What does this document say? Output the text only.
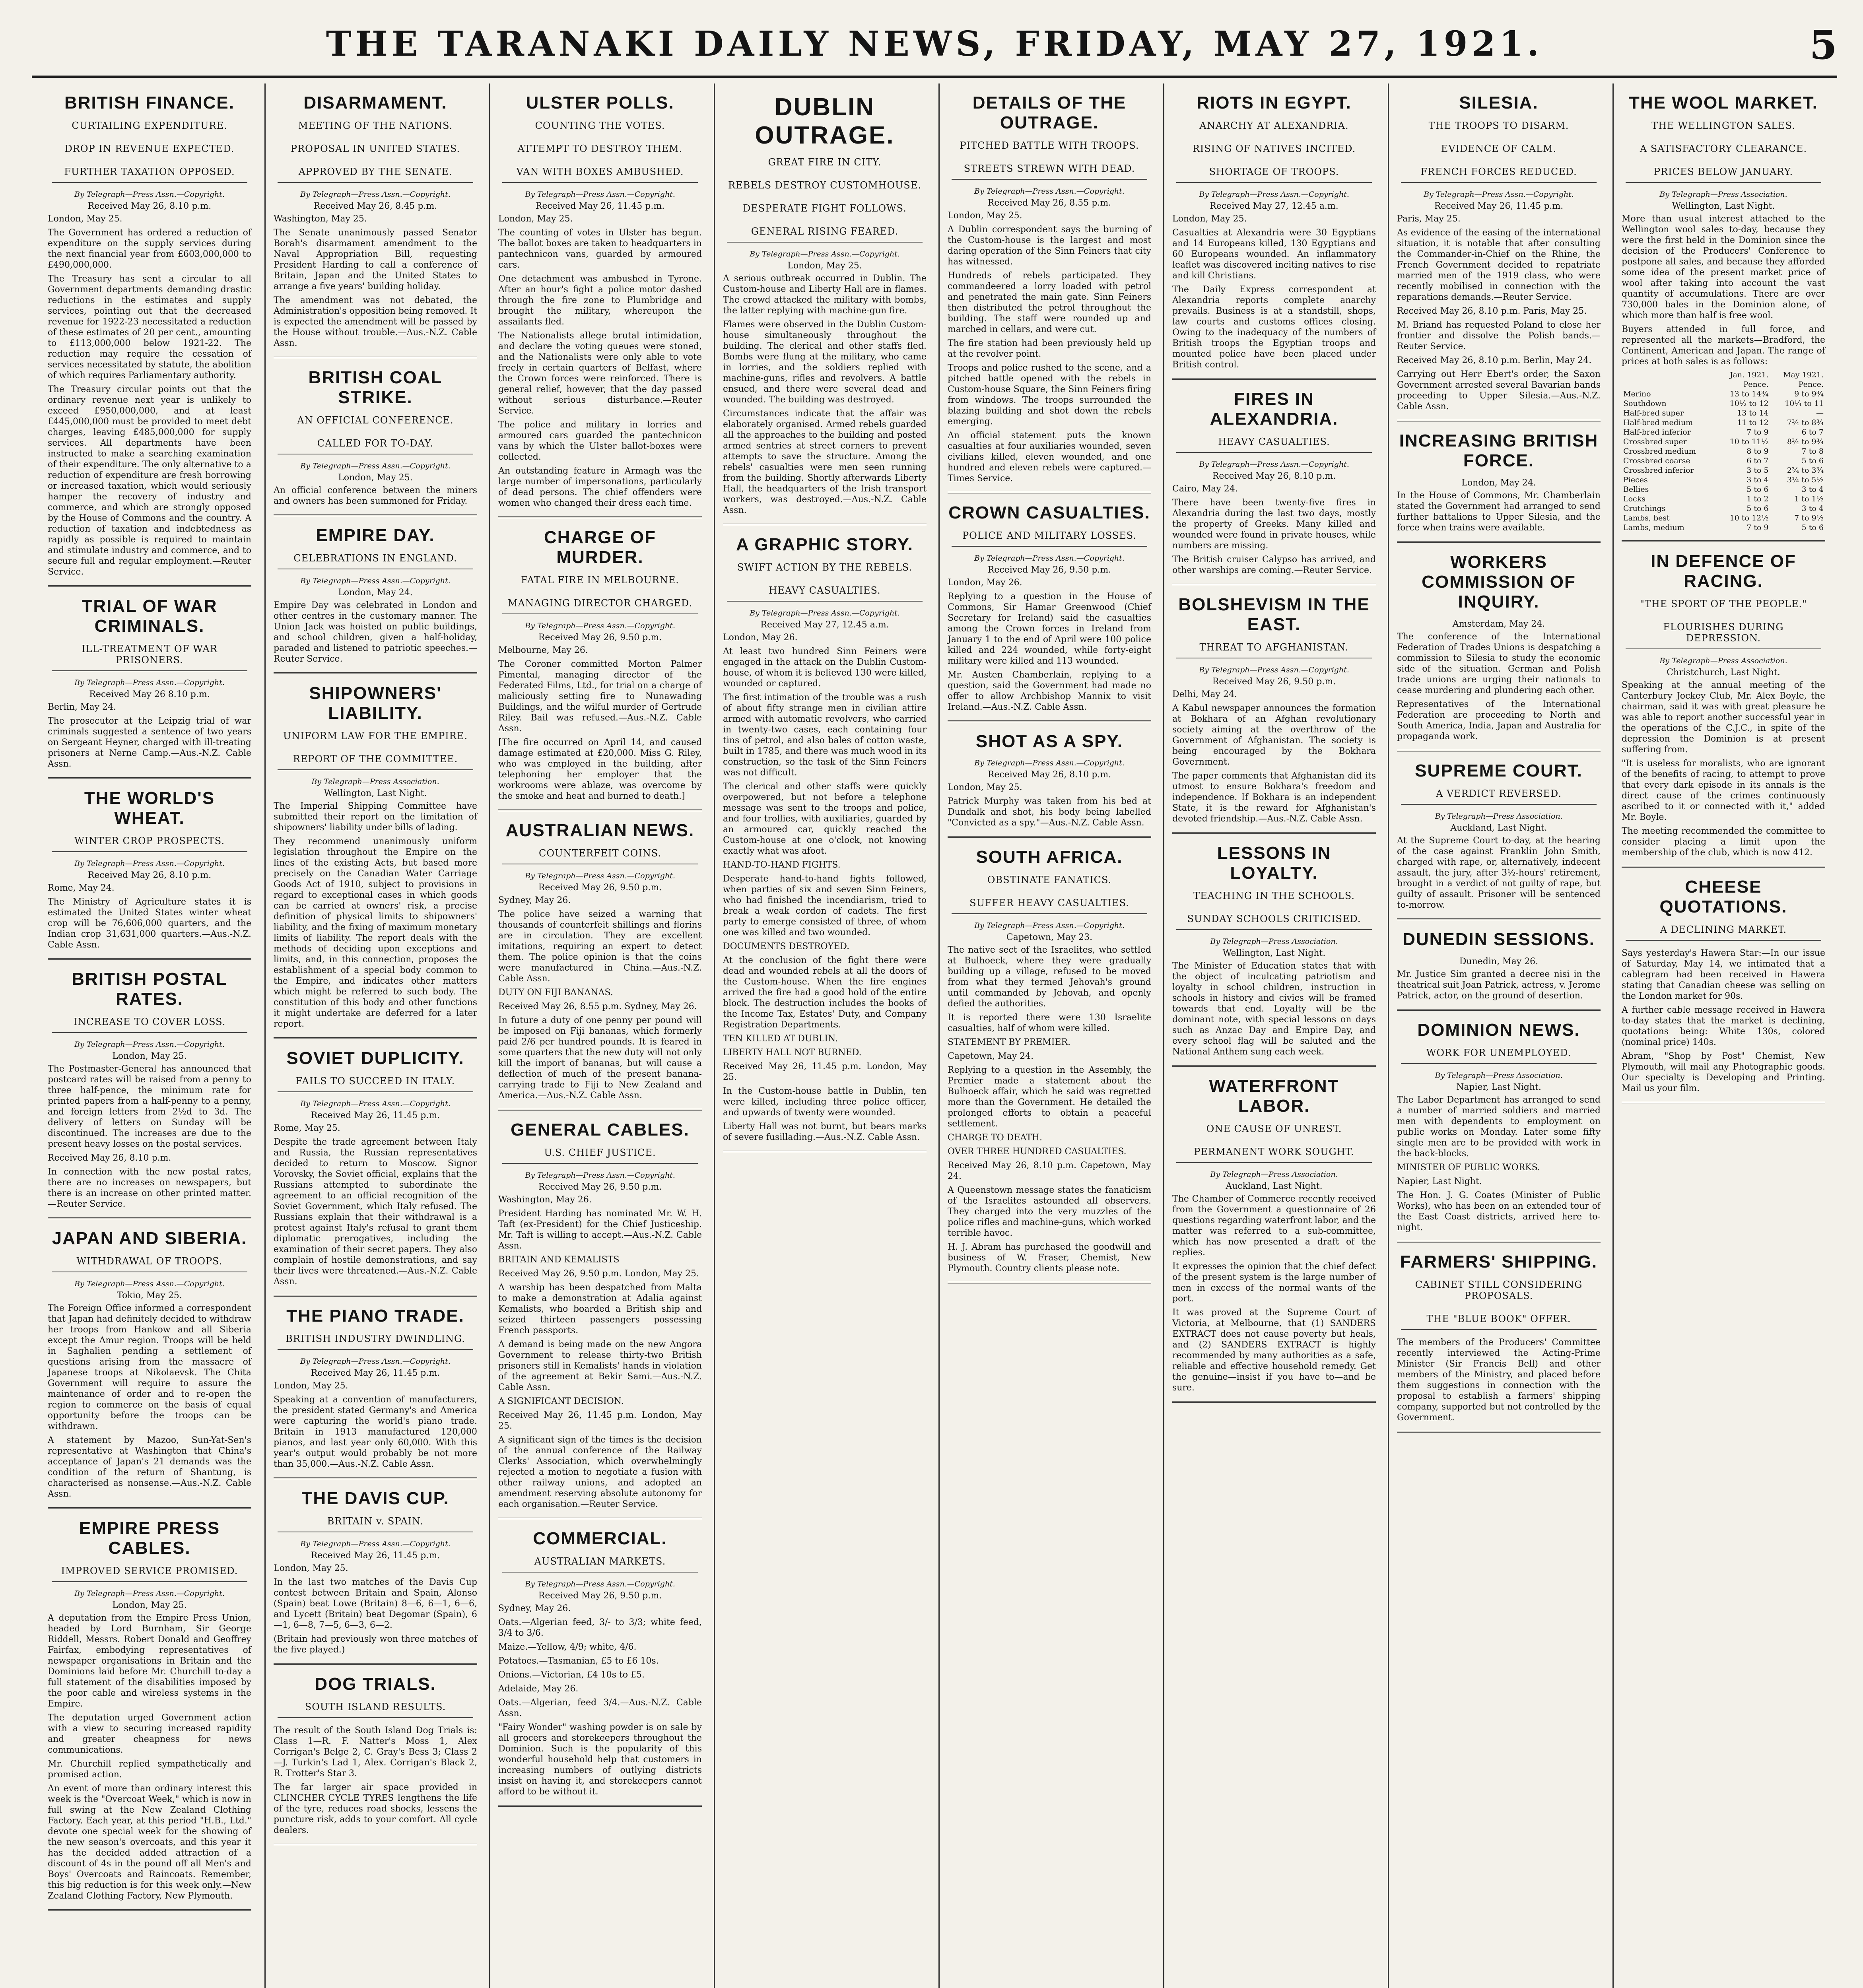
THE TARANAKI DAILY NEWS, FRIDAY, MAY 27, 1921.	5
BRITISH FINANCE.
CURTAILING EXPENDITURE.
DROP IN REVENUE EXPECTED.
FURTHER TAXATION OPPOSED.
By Telegraph—Press Assn.—Copyright.
Received May 26, 8.10 p.m.

London, May 25.

The Government has ordered a reduction of expenditure on the supply services during the next financial year from £603,000,000 to £490,000,000.

The Treasury has sent a circular to all Government departments demanding drastic reductions in the estimates and supply services, pointing out that the decreased revenue for 1922-23 necessitated a reduction of these estimates of 20 per cent., amounting to £113,000,000 below 1921-22. The reduction may require the cessation of services necessitated by statute, the abolition of which requires Parliamentary authority.

The Treasury circular points out that the ordinary revenue next year is unlikely to exceed £950,000,000, and at least £445,000,000 must be provided to meet debt charges, leaving £485,000,000 for supply services. All departments have been instructed to make a searching examination of their expenditure. The only alternative to a reduction of expenditure are fresh borrowing or increased taxation, which would seriously hamper the recovery of industry and commerce, and which are strongly opposed by the House of Commons and the country. A reduction of taxation and indebtedness as rapidly as possible is required to maintain and stimulate industry and commerce, and to secure full and regular employment.—Reuter Service.

TRIAL OF WAR CRIMINALS.
ILL-TREATMENT OF WAR PRISONERS.
By Telegraph—Press Assn.—Copyright.
Received May 26 8.10 p.m.

Berlin, May 24.

The prosecutor at the Leipzig trial of war criminals suggested a sentence of two years on Sergeant Heyner, charged with ill-treating prisoners at Nerne Camp.—Aus.-N.Z. Cable Assn.

THE WORLD'S WHEAT.
WINTER CROP PROSPECTS.
By Telegraph—Press Assn.—Copyright.
Received May 26, 8.10 p.m.

Rome, May 24.

The Ministry of Agriculture states it is estimated the United States winter wheat crop will be 76,606,000 quarters, and the Indian crop 31,631,000 quarters.—Aus.-N.Z. Cable Assn.

BRITISH POSTAL RATES.
INCREASE TO COVER LOSS.
By Telegraph—Press Assn.—Copyright.
London, May 25.

The Postmaster-General has announced that postcard rates will be raised from a penny to three half-pence, the minimum rate for printed papers from a half-penny to a penny, and foreign letters from 2½d to 3d. The delivery of letters on Sunday will be discontinued. The increases are due to the present heavy losses on the postal services.

Received May 26, 8.10 p.m.

In connection with the new postal rates, there are no increases on newspapers, but there is an increase on other printed matter.—Reuter Service.

JAPAN AND SIBERIA.
WITHDRAWAL OF TROOPS.
By Telegraph—Press Assn.—Copyright.
Tokio, May 25.

The Foreign Office informed a correspondent that Japan had definitely decided to withdraw her troops from Hankow and all Siberia except the Amur region. Troops will be held in Saghalien pending a settlement of questions arising from the massacre of Japanese troops at Nikolaevsk. The Chita Government will require to assure the maintenance of order and to re-open the region to commerce on the basis of equal opportunity before the troops can be withdrawn.

A statement by Mazoo, Sun-Yat-Sen's representative at Washington that China's acceptance of Japan's 21 demands was the condition of the return of Shantung, is characterised as nonsense.—Aus.-N.Z. Cable Assn.

EMPIRE PRESS CABLES.
IMPROVED SERVICE PROMISED.
By Telegraph—Press Assn.—Copyright.
London, May 25.

A deputation from the Empire Press Union, headed by Lord Burnham, Sir George Riddell, Messrs. Robert Donald and Geoffrey Fairfax, embodying representatives of newspaper organisations in Britain and the Dominions laid before Mr. Churchill to-day a full statement of the disabilities imposed by the poor cable and wireless systems in the Empire.

The deputation urged Government action with a view to securing increased rapidity and greater cheapness for news communications.

Mr. Churchill replied sympathetically and promised action.

An event of more than ordinary interest this week is the "Overcoat Week," which is now in full swing at the New Zealand Clothing Factory. Each year, at this period "H.B., Ltd." devote one special week for the showing of the new season's overcoats, and this year it has the decided added attraction of a discount of 4s in the pound off all Men's and Boys' Overcoats and Raincoats. Remember, this big reduction is for this week only.—New Zealand Clothing Factory, New Plymouth.

DISARMAMENT.
MEETING OF THE NATIONS.
PROPOSAL IN UNITED STATES.
APPROVED BY THE SENATE.
By Telegraph—Press Assn.—Copyright.
Received May 26, 8.45 p.m.

Washington, May 25.

The Senate unanimously passed Senator Borah's disarmament amendment to the Naval Appropriation Bill, requesting President Harding to call a conference of Britain, Japan and the United States to arrange a five years' building holiday.

The amendment was not debated, the Administration's opposition being removed. It is expected the amendment will be passed by the House without trouble.—Aus.-N.Z. Cable Assn.

BRITISH COAL STRIKE.
AN OFFICIAL CONFERENCE.
CALLED FOR TO-DAY.
By Telegraph—Press Assn.—Copyright.
London, May 25.

An official conference between the miners and owners has been summoned for Friday.

EMPIRE DAY.
CELEBRATIONS IN ENGLAND.
By Telegraph—Press Assn.—Copyright.
London, May 24.

Empire Day was celebrated in London and other centres in the customary manner. The Union Jack was hoisted on public buildings, and school children, given a half-holiday, paraded and listened to patriotic speeches.—Reuter Service.

SHIPOWNERS' LIABILITY.
UNIFORM LAW FOR THE EMPIRE.
REPORT OF THE COMMITTEE.
By Telegraph—Press Association.
Wellington, Last Night.

The Imperial Shipping Committee have submitted their report on the limitation of shipowners' liability under bills of lading.

They recommend unanimously uniform legislation throughout the Empire on the lines of the existing Acts, but based more precisely on the Canadian Water Carriage Goods Act of 1910, subject to provisions in regard to exceptional cases in which goods can be carried at owners' risk, a precise definition of physical limits to shipowners' liability, and the fixing of maximum monetary limits of liability. The report deals with the methods of deciding upon exceptions and limits, and, in this connection, proposes the establishment of a special body common to the Empire, and indicates other matters which might be referred to such body. The constitution of this body and other functions it might undertake are deferred for a later report.

SOVIET DUPLICITY.
FAILS TO SUCCEED IN ITALY.
By Telegraph—Press Assn.—Copyright.
Received May 26, 11.45 p.m.

Rome, May 25.

Despite the trade agreement between Italy and Russia, the Russian representatives decided to return to Moscow. Signor Vorovsky, the Soviet official, explains that the Russians attempted to subordinate the agreement to an official recognition of the Soviet Government, which Italy refused. The Russians explain that their withdrawal is a protest against Italy's refusal to grant them diplomatic prerogatives, including the examination of their secret papers. They also complain of hostile demonstrations, and say their lives were threatened.—Aus.-N.Z. Cable Assn.

THE PIANO TRADE.
BRITISH INDUSTRY DWINDLING.
By Telegraph—Press Assn.—Copyright.
Received May 26, 11.45 p.m.

London, May 25.

Speaking at a convention of manufacturers, the president stated Germany's and America were capturing the world's piano trade. Britain in 1913 manufactured 120,000 pianos, and last year only 60,000. With this year's output would probably be not more than 35,000.—Aus.-N.Z. Cable Assn.

THE DAVIS CUP.
BRITAIN v. SPAIN.
By Telegraph—Press Assn.—Copyright.
Received May 26, 11.45 p.m.

London, May 25.

In the last two matches of the Davis Cup contest between Britain and Spain, Alonso (Spain) beat Lowe (Britain) 8—6, 6—1, 6—6, and Lycett (Britain) beat Degomar (Spain), 6—1, 6—8, 7—5, 6—3, 6—2.

(Britain had previously won three matches of the five played.)

DOG TRIALS.
SOUTH ISLAND RESULTS.

The result of the South Island Dog Trials is: Class 1—R. F. Natter's Moss 1, Alex Corrigan's Belge 2, C. Gray's Bess 3; Class 2—J. Turkin's Lad 1, Alex. Corrigan's Black 2, R. Trotter's Star 3.

The far larger air space provided in CLINCHER CYCLE TYRES lengthens the life of the tyre, reduces road shocks, lessens the puncture risk, adds to your comfort. All cycle dealers.

ULSTER POLLS.
COUNTING THE VOTES.
ATTEMPT TO DESTROY THEM.
VAN WITH BOXES AMBUSHED.
By Telegraph—Press Assn.—Copyright.
Received May 26, 11.45 p.m.

London, May 25.

The counting of votes in Ulster has begun. The ballot boxes are taken to headquarters in pantechnicon vans, guarded by armoured cars.

One detachment was ambushed in Tyrone. After an hour's fight a police motor dashed through the fire zone to Plumbridge and brought the military, whereupon the assailants fled.

The Nationalists allege brutal intimidation, and declare the voting queues were stoned, and the Nationalists were only able to vote freely in certain quarters of Belfast, where the Crown forces were reinforced. There is general relief, however, that the day passed without serious disturbance.—Reuter Service.

The police and military in lorries and armoured cars guarded the pantechnicon vans by which the Ulster ballot-boxes were collected.

An outstanding feature in Armagh was the large number of impersonations, particularly of dead persons. The chief offenders were women who changed their dress each time.

CHARGE OF MURDER.
FATAL FIRE IN MELBOURNE.
MANAGING DIRECTOR CHARGED.
By Telegraph—Press Assn.—Copyright.
Received May 26, 9.50 p.m.

Melbourne, May 26.

The Coroner committed Morton Palmer Pimental, managing director of the Federated Films, Ltd., for trial on a charge of maliciously setting fire to Nunawading Buildings, and the wilful murder of Gertrude Riley. Bail was refused.—Aus.-N.Z. Cable Assn.

[The fire occurred on April 14, and caused damage estimated at £20,000. Miss G. Riley, who was employed in the building, after telephoning her employer that the workrooms were ablaze, was overcome by the smoke and heat and burned to death.]

AUSTRALIAN NEWS.
COUNTERFEIT COINS.
By Telegraph—Press Assn.—Copyright.
Received May 26, 9.50 p.m.

Sydney, May 26.

The police have seized a warning that thousands of counterfeit shillings and florins are in circulation. They are excellent imitations, requiring an expert to detect them. The police opinion is that the coins were manufactured in China.—Aus.-N.Z. Cable Assn.

DUTY ON FIJI BANANAS.

Received May 26, 8.55 p.m. Sydney, May 26.

In future a duty of one penny per pound will be imposed on Fiji bananas, which formerly paid 2/6 per hundred pounds. It is feared in some quarters that the new duty will not only kill the import of bananas, but will cause a deflection of much of the present banana-carrying trade to Fiji to New Zealand and America.—Aus.-N.Z. Cable Assn.

GENERAL CABLES.
U.S. CHIEF JUSTICE.
By Telegraph—Press Assn.—Copyright.
Received May 26, 9.50 p.m.

Washington, May 26.

President Harding has nominated Mr. W. H. Taft (ex-President) for the Chief Justiceship. Mr. Taft is willing to accept.—Aus.-N.Z. Cable Assn.

BRITAIN AND KEMALISTS

Received May 26, 9.50 p.m. London, May 25.

A warship has been despatched from Malta to make a demonstration at Adalia against Kemalists, who boarded a British ship and seized thirteen passengers possessing French passports.

A demand is being made on the new Angora Government to release thirty-two British prisoners still in Kemalists' hands in violation of the agreement at Bekir Sami.—Aus.-N.Z. Cable Assn.

A SIGNIFICANT DECISION.

Received May 26, 11.45 p.m. London, May 25.

A significant sign of the times is the decision of the annual conference of the Railway Clerks' Association, which overwhelmingly rejected a motion to negotiate a fusion with other railway unions, and adopted an amendment reserving absolute autonomy for each organisation.—Reuter Service.

COMMERCIAL.
AUSTRALIAN MARKETS.
By Telegraph—Press Assn.—Copyright.
Received May 26, 9.50 p.m.

Sydney, May 26.

Oats.—Algerian feed, 3/- to 3/3; white feed, 3/4 to 3/6.

Maize.—Yellow, 4/9; white, 4/6.

Potatoes.—Tasmanian, £5 to £6 10s.

Onions.—Victorian, £4 10s to £5.

Adelaide, May 26.

Oats.—Algerian, feed 3/4.—Aus.-N.Z. Cable Assn.

"Fairy Wonder" washing powder is on sale by all grocers and storekeepers throughout the Dominion. Such is the popularity of this wonderful household help that customers in increasing numbers of outlying districts insist on having it, and storekeepers cannot afford to be without it.

DUBLIN OUTRAGE.
GREAT FIRE IN CITY.
REBELS DESTROY CUSTOMHOUSE.
DESPERATE FIGHT FOLLOWS.
GENERAL RISING FEARED.
By Telegraph—Press Assn.—Copyright.
London, May 25.

A serious outbreak occurred in Dublin. The Custom-house and Liberty Hall are in flames. The crowd attacked the military with bombs, the latter replying with machine-gun fire.

Flames were observed in the Dublin Custom-house simultaneously throughout the building. The clerical and other staffs fled. Bombs were flung at the military, who came in lorries, and the soldiers replied with machine-guns, rifles and revolvers. A battle ensued, and there were several dead and wounded. The building was destroyed.

Circumstances indicate that the affair was elaborately organised. Armed rebels guarded all the approaches to the building and posted armed sentries at street corners to prevent attempts to save the structure. Among the rebels' casualties were men seen running from the building. Shortly afterwards Liberty Hall, the headquarters of the Irish transport workers, was destroyed.—Aus.-N.Z. Cable Assn.

A GRAPHIC STORY.
SWIFT ACTION BY THE REBELS.
HEAVY CASUALTIES.
By Telegraph—Press Assn.—Copyright.
Received May 27, 12.45 a.m.

London, May 26.

At least two hundred Sinn Feiners were engaged in the attack on the Dublin Custom-house, of whom it is believed 130 were killed, wounded or captured.

The first intimation of the trouble was a rush of about fifty strange men in civilian attire armed with automatic revolvers, who carried in twenty-two cases, each containing four tins of petrol, and also bales of cotton waste, built in 1785, and there was much wood in its construction, so the task of the Sinn Feiners was not difficult.

The clerical and other staffs were quickly overpowered, but not before a telephone message was sent to the troops and police, and four trollies, with auxiliaries, guarded by an armoured car, quickly reached the Custom-house at one o'clock, not knowing exactly what was afoot.

HAND-TO-HAND FIGHTS.

Desperate hand-to-hand fights followed, when parties of six and seven Sinn Feiners, who had finished the incendiarism, tried to break a weak cordon of cadets. The first party to emerge consisted of three, of whom one was killed and two wounded.

DOCUMENTS DESTROYED.

At the conclusion of the fight there were dead and wounded rebels at all the doors of the Custom-house. When the fire engines arrived the fire had a good hold of the entire block. The destruction includes the books of the Income Tax, Estates' Duty, and Company Registration Departments.

TEN KILLED AT DUBLIN.

LIBERTY HALL NOT BURNED.

Received May 26, 11.45 p.m. London, May 25.

In the Custom-house battle in Dublin, ten were killed, including three police officer, and upwards of twenty were wounded.

Liberty Hall was not burnt, but bears marks of severe fusillading.—Aus.-N.Z. Cable Assn.

DETAILS OF THE OUTRAGE.
PITCHED BATTLE WITH TROOPS.
STREETS STREWN WITH DEAD.
By Telegraph—Press Assn.—Copyright.
Received May 26, 8.55 p.m.

London, May 25.

A Dublin correspondent says the burning of the Custom-house is the largest and most daring operation of the Sinn Feiners that city has witnessed.

Hundreds of rebels participated. They commandeered a lorry loaded with petrol and penetrated the main gate. Sinn Feiners then distributed the petrol throughout the building. The staff were rounded up and marched in cellars, and were cut.

The fire station had been previously held up at the revolver point.

Troops and police rushed to the scene, and a pitched battle opened with the rebels in Custom-house Square, the Sinn Feiners firing from windows. The troops surrounded the blazing building and shot down the rebels emerging.

An official statement puts the known casualties at four auxiliaries wounded, seven civilians killed, eleven wounded, and one hundred and eleven rebels were captured.—Times Service.

CROWN CASUALTIES.
POLICE AND MILITARY LOSSES.
By Telegraph—Press Assn.—Copyright.
Received May 26, 9.50 p.m.

London, May 26.

Replying to a question in the House of Commons, Sir Hamar Greenwood (Chief Secretary for Ireland) said the casualties among the Crown forces in Ireland from January 1 to the end of April were 100 police killed and 224 wounded, while forty-eight military were killed and 113 wounded.

Mr. Austen Chamberlain, replying to a question, said the Government had made no offer to allow Archbishop Mannix to visit Ireland.—Aus.-N.Z. Cable Assn.

SHOT AS A SPY.
By Telegraph—Press Assn.—Copyright.
Received May 26, 8.10 p.m.

London, May 25.

Patrick Murphy was taken from his bed at Dundalk and shot, his body being labelled "Convicted as a spy."—Aus.-N.Z. Cable Assn.

SOUTH AFRICA.
OBSTINATE FANATICS.
SUFFER HEAVY CASUALTIES.
By Telegraph—Press Assn.—Copyright.
Capetown, May 23.

The native sect of the Israelites, who settled at Bulhoeck, where they were gradually building up a village, refused to be moved from what they termed Jehovah's ground until commanded by Jehovah, and openly defied the authorities.

It is reported there were 130 Israelite casualties, half of whom were killed.

STATEMENT BY PREMIER.

Capetown, May 24.

Replying to a question in the Assembly, the Premier made a statement about the Bulhoeck affair, which he said was regretted more than the Government. He detailed the prolonged efforts to obtain a peaceful settlement.

CHARGE TO DEATH.

OVER THREE HUNDRED CASUALTIES.

Received May 26, 8.10 p.m. Capetown, May 24.

A Queenstown message states the fanaticism of the Israelites astounded all observers. They charged into the very muzzles of the police rifles and machine-guns, which worked terrible havoc.

H. J. Abram has purchased the goodwill and business of W. Fraser, Chemist, New Plymouth. Country clients please note.

RIOTS IN EGYPT.
ANARCHY AT ALEXANDRIA.
RISING OF NATIVES INCITED.
SHORTAGE OF TROOPS.
By Telegraph—Press Assn.—Copyright.
Received May 27, 12.45 a.m.

London, May 25.

Casualties at Alexandria were 30 Egyptians and 14 Europeans killed, 130 Egyptians and 60 Europeans wounded. An inflammatory leaflet was discovered inciting natives to rise and kill Christians.

The Daily Express correspondent at Alexandria reports complete anarchy prevails. Business is at a standstill, shops, law courts and customs offices closing. Owing to the inadequacy of the numbers of British troops the Egyptian troops and mounted police have been placed under British control.

FIRES IN ALEXANDRIA.
HEAVY CASUALTIES.
By Telegraph—Press Assn.—Copyright.
Received May 26, 8.10 p.m.

Cairo, May 24.

There have been twenty-five fires in Alexandria during the last two days, mostly the property of Greeks. Many killed and wounded were found in private houses, while numbers are missing.

The British cruiser Calypso has arrived, and other warships are coming.—Reuter Service.

BOLSHEVISM IN THE EAST.
THREAT TO AFGHANISTAN.
By Telegraph—Press Assn.—Copyright.
Received May 26, 9.50 p.m.

Delhi, May 24.

A Kabul newspaper announces the formation at Bokhara of an Afghan revolutionary society aiming at the overthrow of the Government of Afghanistan. The society is being encouraged by the Bokhara Government.

The paper comments that Afghanistan did its utmost to ensure Bokhara's freedom and independence. If Bokhara is an independent State, it is the reward for Afghanistan's devoted friendship.—Aus.-N.Z. Cable Assn.

LESSONS IN LOYALTY.
TEACHING IN THE SCHOOLS.
SUNDAY SCHOOLS CRITICISED.
By Telegraph—Press Association.
Wellington, Last Night.

The Minister of Education states that with the object of inculcating patriotism and loyalty in school children, instruction in schools in history and civics will be framed towards that end. Loyalty will be the dominant note, with special lessons on days such as Anzac Day and Empire Day, and every school flag will be saluted and the National Anthem sung each week.

WATERFRONT LABOR.
ONE CAUSE OF UNREST.
PERMANENT WORK SOUGHT.
By Telegraph—Press Association.
Auckland, Last Night.

The Chamber of Commerce recently received from the Government a questionnaire of 26 questions regarding waterfront labor, and the matter was referred to a sub-committee, which has now presented a draft of the replies.

It expresses the opinion that the chief defect of the present system is the large number of men in excess of the normal wants of the port.

It was proved at the Supreme Court of Victoria, at Melbourne, that (1) SANDERS EXTRACT does not cause poverty but heals, and (2) SANDERS EXTRACT is highly recommended by many authorities as a safe, reliable and effective household remedy. Get the genuine—insist if you have to—and be sure.

SILESIA.
THE TROOPS TO DISARM.
EVIDENCE OF CALM.
FRENCH FORCES REDUCED.
By Telegraph—Press Assn.—Copyright.
Received May 26, 11.45 p.m.

Paris, May 25.

As evidence of the easing of the international situation, it is notable that after consulting the Commander-in-Chief on the Rhine, the French Government decided to repatriate married men of the 1919 class, who were recently mobilised in connection with the reparations demands.—Reuter Service.

Received May 26, 8.10 p.m. Paris, May 25.

M. Briand has requested Poland to close her frontier and dissolve the Polish bands.—Reuter Service.

Received May 26, 8.10 p.m. Berlin, May 24.

Carrying out Herr Ebert's order, the Saxon Government arrested several Bavarian bands proceeding to Upper Silesia.—Aus.-N.Z. Cable Assn.

INCREASING BRITISH FORCE.
London, May 24.

In the House of Commons, Mr. Chamberlain stated the Government had arranged to send further battalions to Upper Silesia, and the force when trains were available.

WORKERS COMMISSION OF INQUIRY.
Amsterdam, May 24.

The conference of the International Federation of Trades Unions is despatching a commission to Silesia to study the economic side of the situation. German and Polish trade unions are urging their nationals to cease murdering and plundering each other.

Representatives of the International Federation are proceeding to North and South America, India, Japan and Australia for propaganda work.

SUPREME COURT.
A VERDICT REVERSED.
By Telegraph—Press Association.
Auckland, Last Night.

At the Supreme Court to-day, at the hearing of the case against Franklin John Smith, charged with rape, or, alternatively, indecent assault, the jury, after 3½-hours' retirement, brought in a verdict of not guilty of rape, but guilty of assault. Prisoner will be sentenced to-morrow.

DUNEDIN SESSIONS.
Dunedin, May 26.

Mr. Justice Sim granted a decree nisi in the theatrical suit Joan Patrick, actress, v. Jerome Patrick, actor, on the ground of desertion.

DOMINION NEWS.
WORK FOR UNEMPLOYED.
By Telegraph—Press Association.
Napier, Last Night.

The Labor Department has arranged to send a number of married soldiers and married men with dependents to employment on public works on Monday. Later some fifty single men are to be provided with work in the back-blocks.

MINISTER OF PUBLIC WORKS.

Napier, Last Night.

The Hon. J. G. Coates (Minister of Public Works), who has been on an extended tour of the East Coast districts, arrived here to-night.

FARMERS' SHIPPING.
CABINET STILL CONSIDERING PROPOSALS.
THE "BLUE BOOK" OFFER.

The members of the Producers' Committee recently interviewed the Acting-Prime Minister (Sir Francis Bell) and other members of the Ministry, and placed before them suggestions in connection with the proposal to establish a farmers' shipping company, supported but not controlled by the Government.

THE WOOL MARKET.
THE WELLINGTON SALES.
A SATISFACTORY CLEARANCE.
PRICES BELOW JANUARY.
By Telegraph—Press Association.
Wellington, Last Night.

More than usual interest attached to the Wellington wool sales to-day, because they were the first held in the Dominion since the decision of the Producers' Conference to postpone all sales, and because they afforded some idea of the present market price of wool after taking into account the vast quantity of accumulations. There are over 730,000 bales in the Dominion alone, of which more than half is free wool.

Buyers attended in full force, and represented all the markets—Bradford, the Continent, American and Japan. The range of prices at both sales is as follows:

	Jan. 1921.	May 1921.
	Pence.	Pence.
Merino	13 to 14¾	9 to 9¾
Southdown	10½ to 12	10¼ to 11
Half-bred super	13 to 14	—
Half-bred medium	11 to 12	7¾ to 8¾
Half-bred inferior	7 to 9	6 to 7
Crossbred super	10 to 11½	8¾ to 9¾
Crossbred medium	8 to 9	7 to 8
Crossbred coarse	6 to 7	5 to 6
Crossbred inferior	3 to 5	2¾ to 3¾
Pieces	3 to 4	3¼ to 5½
Bellies	5 to 6	3 to 4
Locks	1 to 2	1 to 1½
Crutchings	5 to 6	3 to 4
Lambs, best	10 to 12½	7 to 9½
Lambs, medium	7 to 9	5 to 6
IN DEFENCE OF RACING.
"THE SPORT OF THE PEOPLE."
FLOURISHES DURING DEPRESSION.
By Telegraph—Press Association.
Christchurch, Last Night.

Speaking at the annual meeting of the Canterbury Jockey Club, Mr. Alex Boyle, the chairman, said it was with great pleasure he was able to report another successful year in the operations of the C.J.C., in spite of the depression the Dominion is at present suffering from.

"It is useless for moralists, who are ignorant of the benefits of racing, to attempt to prove that every dark episode in its annals is the direct cause of the crimes continuously ascribed to it or connected with it," added Mr. Boyle.

The meeting recommended the committee to consider placing a limit upon the membership of the club, which is now 412.

CHEESE QUOTATIONS.
A DECLINING MARKET.

Says yesterday's Hawera Star:—In our issue of Saturday, May 14, we intimated that a cablegram had been received in Hawera stating that Canadian cheese was selling on the London market for 90s.

A further cable message received in Hawera to-day states that the market is declining, quotations being: White 130s, colored (nominal price) 140s.

Abram, "Shop by Post" Chemist, New Plymouth, will mail any Photographic goods. Our specialty is Developing and Printing. Mail us your film.
